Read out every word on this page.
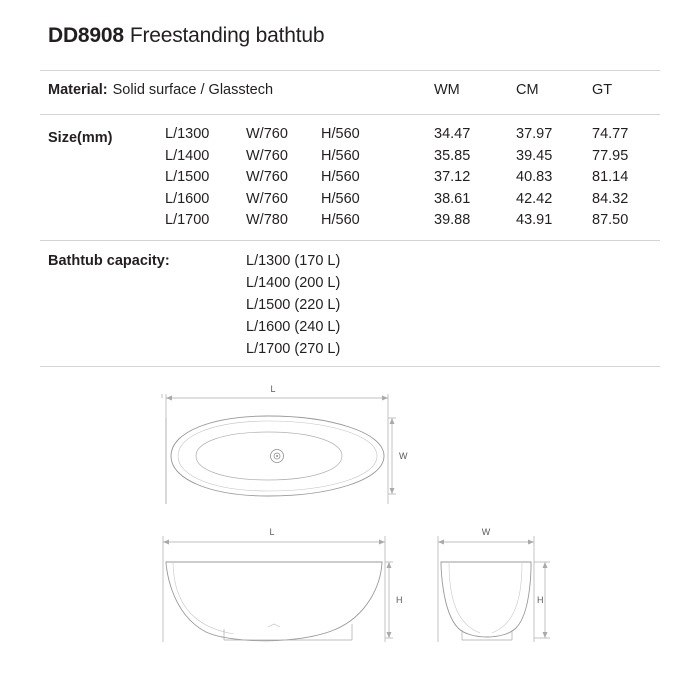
DD8908 Freestanding bathtub
Material: Solid surface / Glasstech	WM	CM	GT
Size(mm)	L/1300	W/760 H/560	34.47	37.97	74.77
L/1400	W/760 H/560	35.85	39.45	77.95
L/1500	W/760 H/560	37.12	40.83	81.14
L/1600	W/760 H/560	38.61	42.42	84.32
L/1700	W/780 H/560	39.88	43.91	87.50
Bathtub capacity:	L/1300 (170 L)
L/1400 (200 L)
L/1500 (220 L)
L/1600 (240 L)
L/1700 (270 L)
L
W
L
H
W
H
